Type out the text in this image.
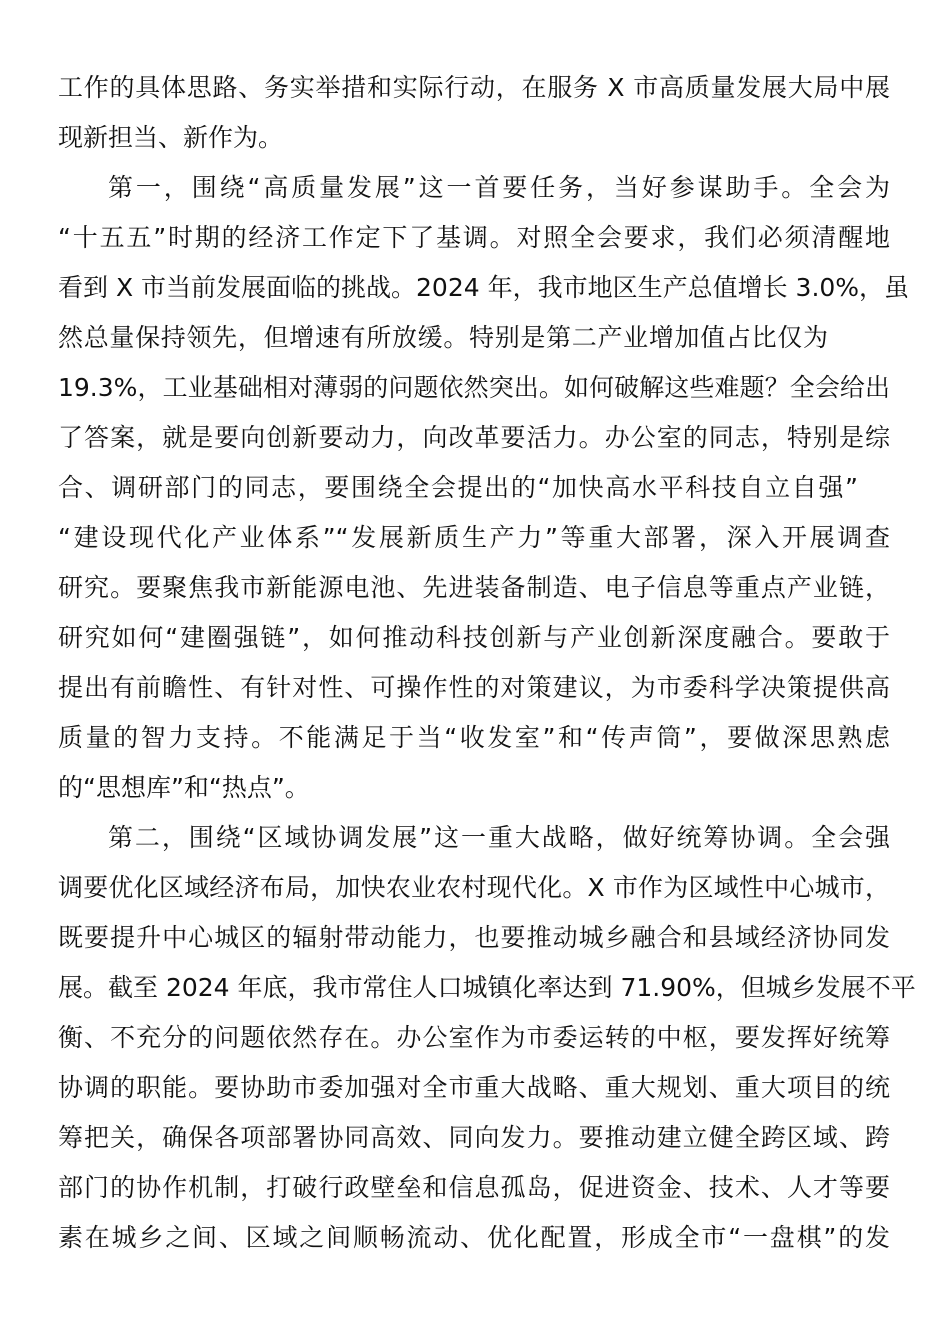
工作的具体思路、务实举措和实际行动，在服务 X 市高质量发展大局中展
现新担当、新作为。
第一，围绕“高质量发展”这一首要任务，当好参谋助手。全会为
“十五五”时期的经济工作定下了基调。对照全会要求，我们必须清醒地
看到 X 市当前发展面临的挑战。2024 年，我市地区生产总值增长 3.0%，虽
然总量保持领先，但增速有所放缓。特别是第二产业增加值占比仅为
19.3%，工业基础相对薄弱的问题依然突出。如何破解这些难题？全会给出
了答案，就是要向创新要动力，向改革要活力。办公室的同志，特别是综
合、调研部门的同志，要围绕全会提出的“加快高水平科技自立自强”
“建设现代化产业体系”“发展新质生产力”等重大部署，深入开展调查
研究。要聚焦我市新能源电池、先进装备制造、电子信息等重点产业链，
研究如何“建圈强链”，如何推动科技创新与产业创新深度融合。要敢于
提出有前瞻性、有针对性、可操作性的对策建议，为市委科学决策提供高
质量的智力支持。不能满足于当“收发室”和“传声筒”，要做深思熟虑
的“思想库”和“热点”。
第二，围绕“区域协调发展”这一重大战略，做好统筹协调。全会强
调要优化区域经济布局，加快农业农村现代化。X 市作为区域性中心城市，
既要提升中心城区的辐射带动能力，也要推动城乡融合和县域经济协同发
展。截至 2024 年底，我市常住人口城镇化率达到 71.90%，但城乡发展不平
衡、不充分的问题依然存在。办公室作为市委运转的中枢，要发挥好统筹
协调的职能。要协助市委加强对全市重大战略、重大规划、重大项目的统
筹把关，确保各项部署协同高效、同向发力。要推动建立健全跨区域、跨
部门的协作机制，打破行政壁垒和信息孤岛，促进资金、技术、人才等要
素在城乡之间、区域之间顺畅流动、优化配置，形成全市“一盘棋”的发
